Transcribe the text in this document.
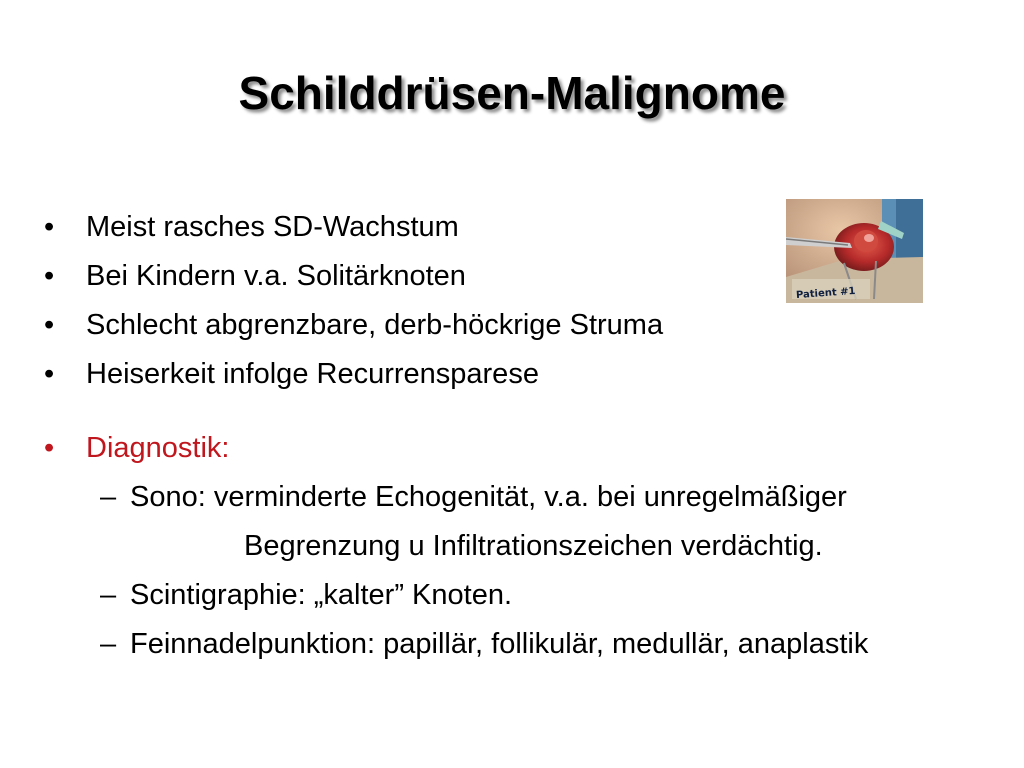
Schilddrüsen-Malignome
• Meist rasches SD-Wachstum
• Bei Kindern v.a. Solitärknoten
• Schlecht abgrenzbare, derb-höckrige Struma
• Heiserkeit infolge Recurrensparese
• Diagnostik:
– Sono: verminderte Echogenität, v.a. bei unregelmäßiger
Begrenzung u Infiltrationszeichen verdächtig.
– Scintigraphie: „kalter” Knoten.
– Feinnadelpunktion: papillär, follikulär, medullär, anaplastik
Patient #1
